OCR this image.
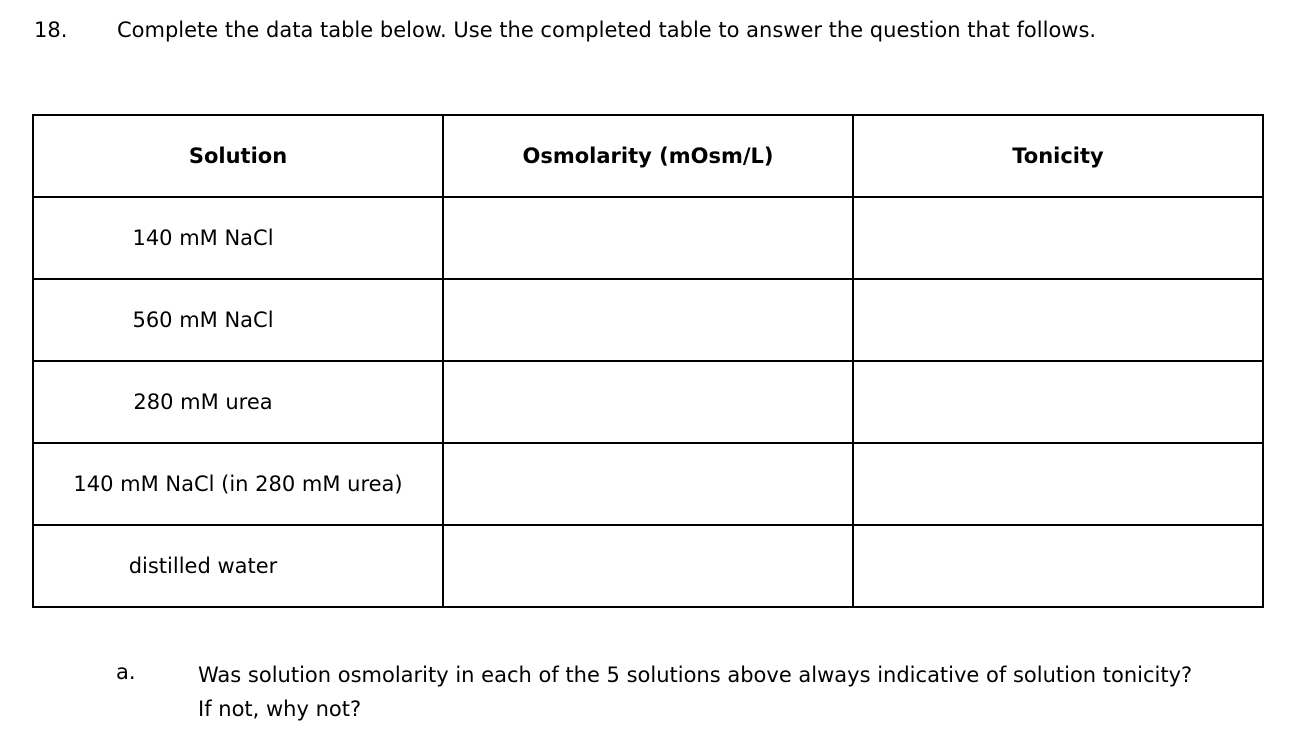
18. Complete the data table below. Use the completed table to answer the question that follows.
Solution	Osmolarity (mOsm/L)	Tonicity
140 mM NaCl		
560 mM NaCl		
280 mM urea		
140 mM NaCl (in 280 mM urea)		
distilled water		
a.	Was solution osmolarity in each of the 5 solutions above always indicative of solution tonicity?
If not, why not?
